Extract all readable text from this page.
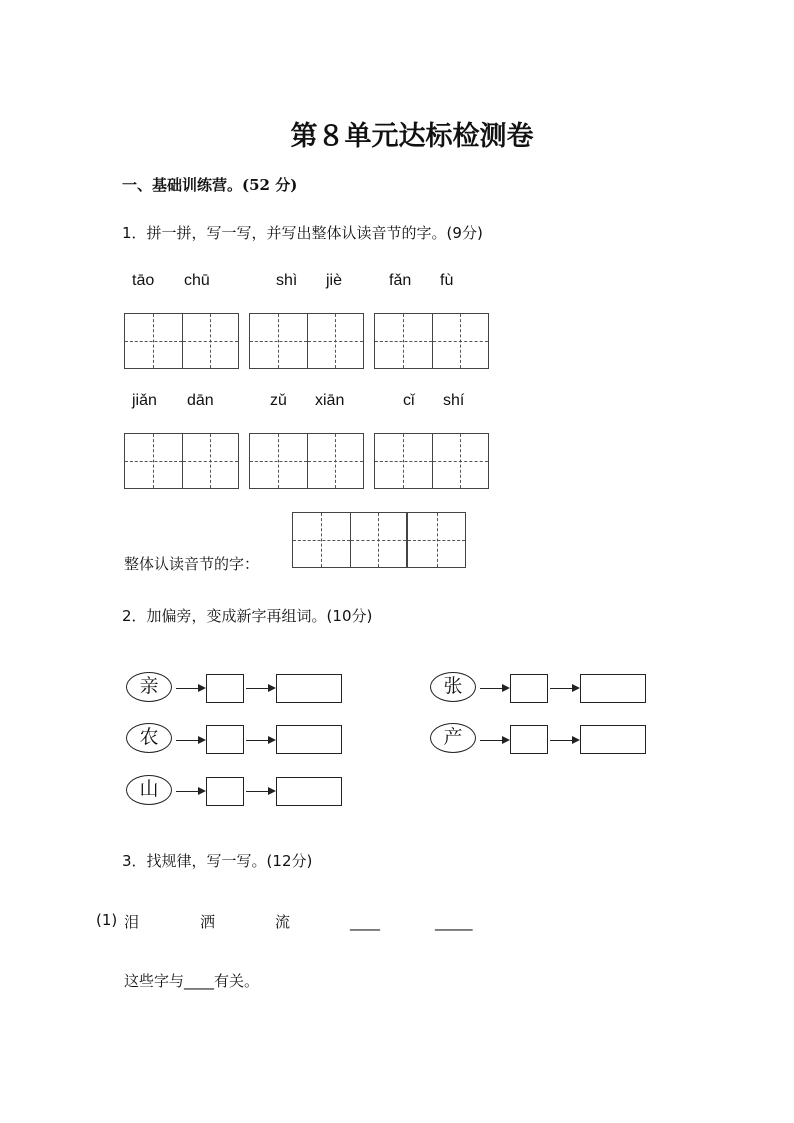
第８单元达标检测卷
一、基础训练营。(52 分)
1．拼一拼，写一写，并写出整体认读音节的字。(9分)
tāo chū	shì jiè	fǎn fù
jiǎn dān	zǔ xiān	cǐ shí
整体认读音节的字：
2．加偏旁，变成新字再组词。(10分)
亲	张
农	产
山
3．找规律，写一写。(12分)
(1) 泪	洒	流	____	_____
这些字与____有关。
